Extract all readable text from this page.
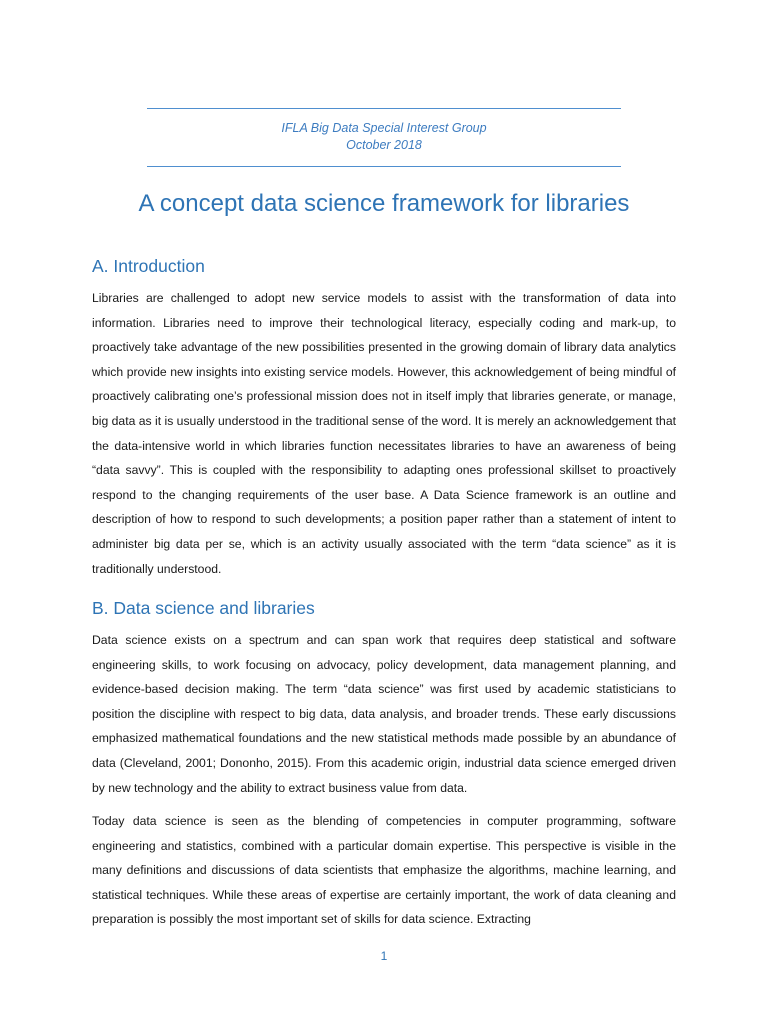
IFLA Big Data Special Interest Group
October 2018
A concept data science framework for libraries
A. Introduction

Libraries are challenged to adopt new service models to assist with the transformation of data into information. Libraries need to improve their technological literacy, especially coding and mark-up, to proactively take advantage of the new possibilities presented in the growing domain of library data analytics which provide new insights into existing service models. However, this acknowledgement of being mindful of proactively calibrating one’s professional mission does not in itself imply that libraries generate, or manage, big data as it is usually understood in the traditional sense of the word. It is merely an acknowledgement that the data-intensive world in which libraries function necessitates libraries to have an awareness of being “data savvy”. This is coupled with the responsibility to adapting ones professional skillset to proactively respond to the changing requirements of the user base. A Data Science framework is an outline and description of how to respond to such developments; a position paper rather than a statement of intent to administer big data per se, which is an activity usually associated with the term “data science” as it is traditionally understood.

B. Data science and libraries

Data science exists on a spectrum and can span work that requires deep statistical and software engineering skills, to work focusing on advocacy, policy development, data management planning, and evidence-based decision making. The term “data science” was first used by academic statisticians to position the discipline with respect to big data, data analysis, and broader trends. These early discussions emphasized mathematical foundations and the new statistical methods made possible by an abundance of data (Cleveland, 2001; Dononho, 2015). From this academic origin, industrial data science emerged driven by new technology and the ability to extract business value from data.

Today data science is seen as the blending of competencies in computer programming, software engineering and statistics, combined with a particular domain expertise. This perspective is visible in the many definitions and discussions of data scientists that emphasize the algorithms, machine learning, and statistical techniques. While these areas of expertise are certainly important, the work of data cleaning and preparation is possibly the most important set of skills for data science. Extracting

1
